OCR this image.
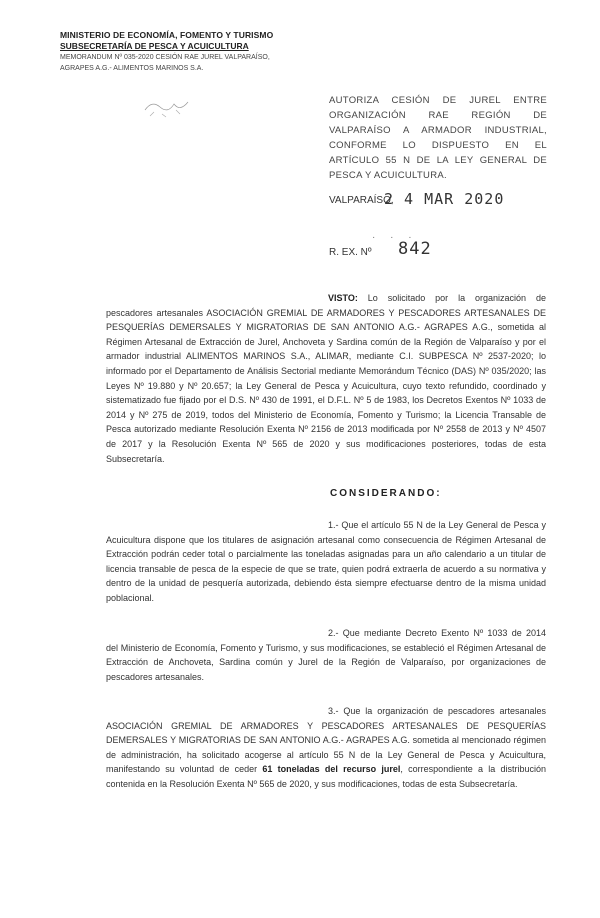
MINISTERIO DE ECONOMÍA, FOMENTO Y TURISMO
SUBSECRETARÍA DE PESCA Y ACUICULTURA
MEMORANDUM Nº 035-2020 CESIÓN RAE JUREL VALPARAÍSO,
AGRAPES A.G.- ALIMENTOS MARINOS S.A.
AUTORIZA CESIÓN DE JUREL ENTRE ORGANIZACIÓN RAE REGIÓN DE VALPARAÍSO A ARMADOR INDUSTRIAL, CONFORME LO DISPUESTO EN EL ARTÍCULO 55 N DE LA LEY GENERAL DE PESCA Y ACUICULTURA.
VALPARAÍSO,
2 4 MAR 2020
· · ·
R. EX. Nº 842
VISTO: Lo solicitado por la organización de pescadores artesanales ASOCIACIÓN GREMIAL DE ARMADORES Y PESCADORES ARTESANALES DE PESQUERÍAS DEMERSALES Y MIGRATORIAS DE SAN ANTONIO A.G.- AGRAPES A.G., sometida al Régimen Artesanal de Extracción de Jurel, Anchoveta y Sardina común de la Región de Valparaíso y por el armador industrial ALIMENTOS MARINOS S.A., ALIMAR, mediante C.I. SUBPESCA Nº 2537-2020; lo informado por el Departamento de Análisis Sectorial mediante Memorándum Técnico (DAS) Nº 035/2020; las Leyes Nº 19.880 y Nº 20.657; la Ley General de Pesca y Acuicultura, cuyo texto refundido, coordinado y sistematizado fue fijado por el D.S. Nº 430 de 1991, el D.F.L. Nº 5 de 1983, los Decretos Exentos Nº 1033 de 2014 y Nº 275 de 2019, todos del Ministerio de Economía, Fomento y Turismo; la Licencia Transable de Pesca autorizado mediante Resolución Exenta Nº 2156 de 2013 modificada por Nº 2558 de 2013 y Nº 4507 de 2017 y la Resolución Exenta Nº 565 de 2020 y sus modificaciones posteriores, todas de esta Subsecretaría.
CONSIDERANDO:
1.- Que el artículo 55 N de la Ley General de Pesca y Acuicultura dispone que los titulares de asignación artesanal como consecuencia de Régimen Artesanal de Extracción podrán ceder total o parcialmente las toneladas asignadas para un año calendario a un titular de licencia transable de pesca de la especie de que se trate, quien podrá extraerla de acuerdo a su normativa y dentro de la unidad de pesquería autorizada, debiendo ésta siempre efectuarse dentro de la misma unidad poblacional.
2.- Que mediante Decreto Exento Nº 1033 de 2014 del Ministerio de Economía, Fomento y Turismo, y sus modificaciones, se estableció el Régimen Artesanal de Extracción de Anchoveta, Sardina común y Jurel de la Región de Valparaíso, por organizaciones de pescadores artesanales.
3.- Que la organización de pescadores artesanales ASOCIACIÓN GREMIAL DE ARMADORES Y PESCADORES ARTESANALES DE PESQUERÍAS DEMERSALES Y MIGRATORIAS DE SAN ANTONIO A.G.- AGRAPES A.G. sometida al mencionado régimen de administración, ha solicitado acogerse al artículo 55 N de la Ley General de Pesca y Acuicultura, manifestando su voluntad de ceder 61 toneladas del recurso jurel, correspondiente a la distribución contenida en la Resolución Exenta Nº 565 de 2020, y sus modificaciones, todas de esta Subsecretaría.
